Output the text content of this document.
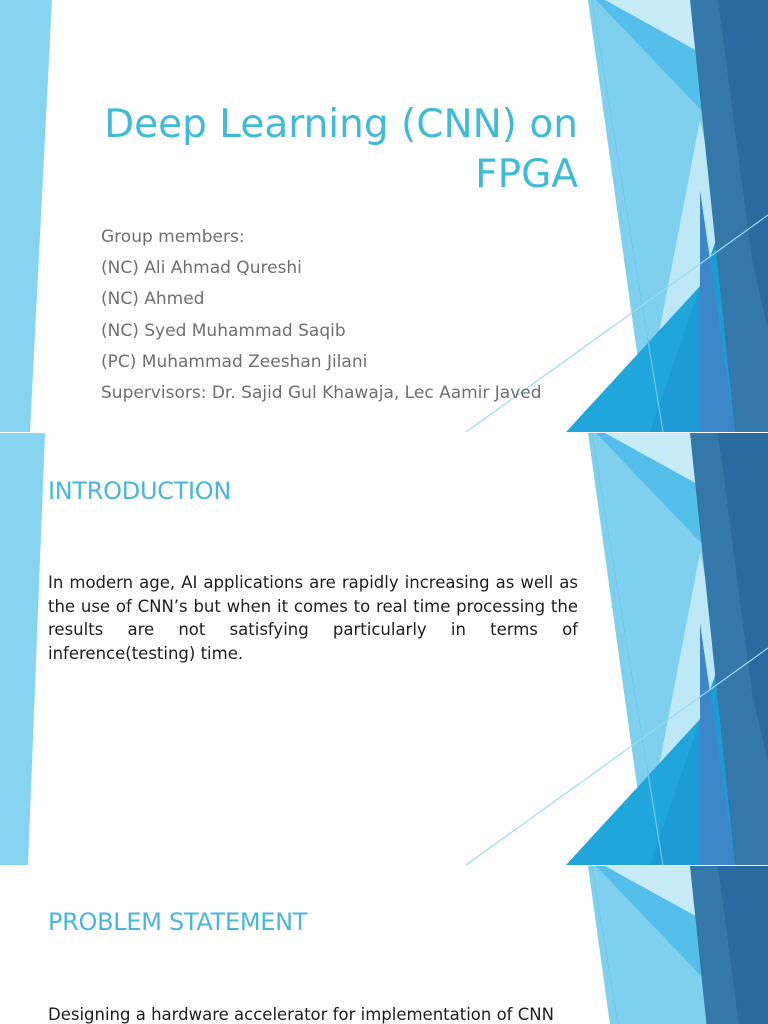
Deep Learning (CNN) on FPGA
Group members:
(NC) Ali Ahmad Qureshi
(NC) Ahmed
(NC) Syed Muhammad Saqib
(PC) Muhammad Zeeshan Jilani
Supervisors: Dr. Sajid Gul Khawaja, Lec Aamir Javed
INTRODUCTION

In modern age, AI applications are rapidly increasing as well as the use of CNN’s but when it comes to real time processing the results are not satisfying particularly in terms of inference(testing) time.

PROBLEM STATEMENT

Designing a hardware accelerator for implementation of CNN
